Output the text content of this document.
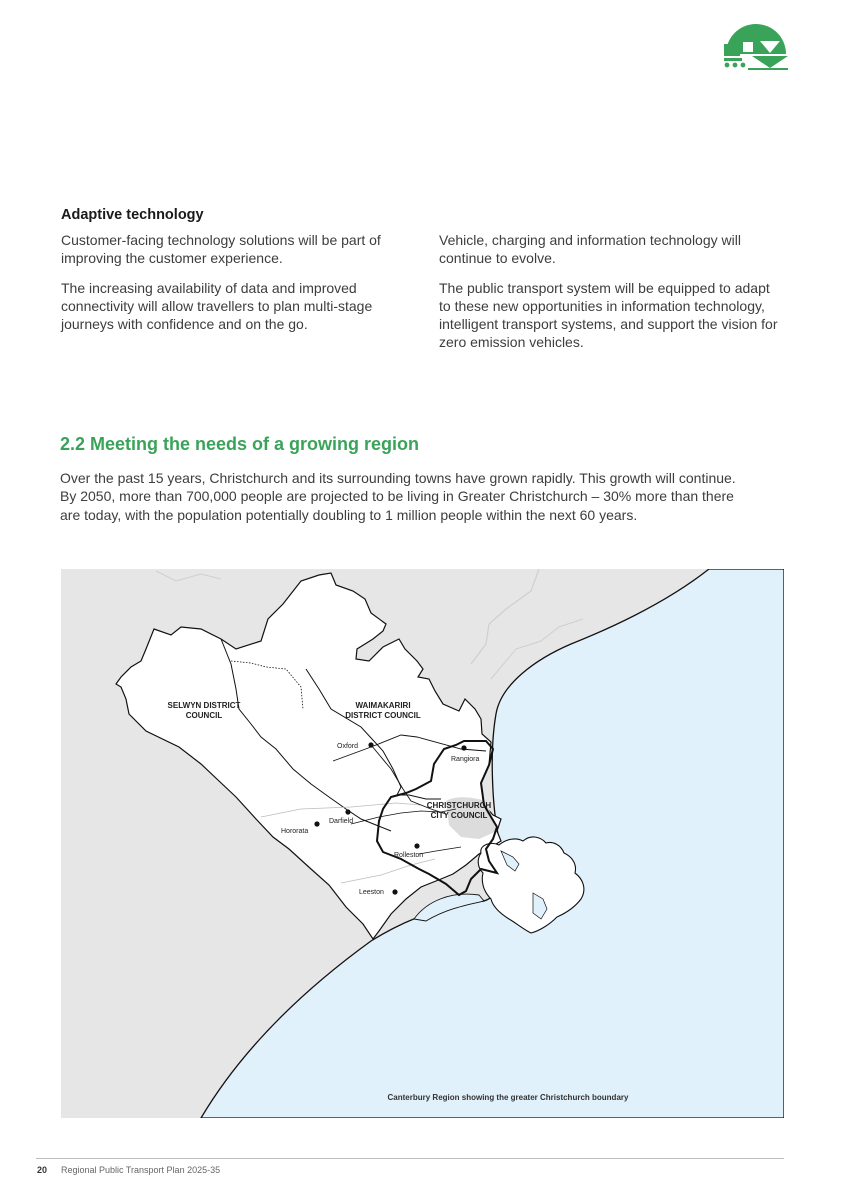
Adaptive technology

Customer-facing technology solutions will be part of improving the customer experience.

The increasing availability of data and improved connectivity will allow travellers to plan multi-stage journeys with confidence and on the go.

Vehicle, charging and information technology will continue to evolve.

The public transport system will be equipped to adapt to these new opportunities in information technology, intelligent transport systems, and support the vision for zero emission vehicles.

2.2 Meeting the needs of a growing region

Over the past 15 years, Christchurch and its surrounding towns have grown rapidly. This growth will continue. By 2050, more than 700,000 people are projected to be living in Greater Christchurch – 30% more than there are today, with the population potentially doubling to 1 million people within the next 60 years.

SELWYN DISTRICT
COUNCIL
WAIMAKARIRI
DISTRICT COUNCIL
CHRISTCHURCH
CITY COUNCIL
Oxford
Rangiora
Darfield
Hororata
Rolleston
Leeston
Canterbury Region showing the greater Christchurch boundary
20 Regional Public Transport Plan 2025-35
